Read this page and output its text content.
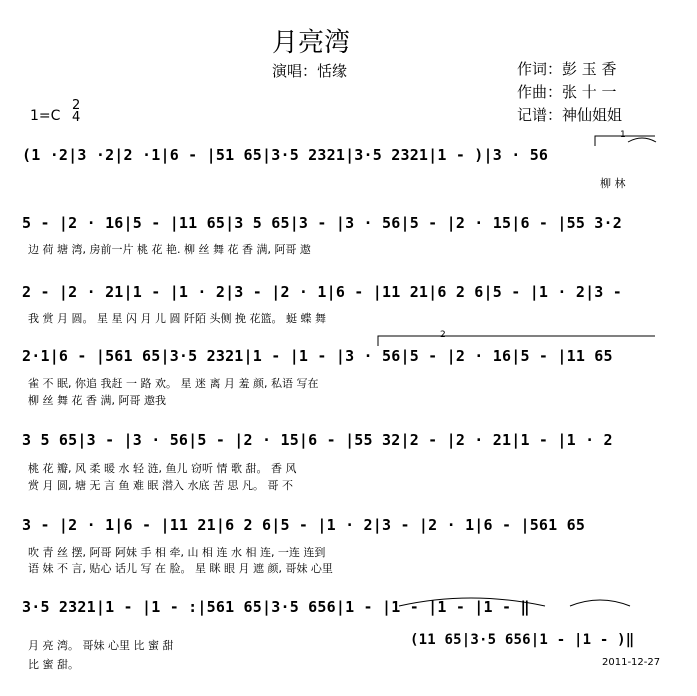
月亮湾
演唱：恬缘	作词：彭 玉 香
作曲：张 十 一
记谱：神仙姐姐
1=C
2
4
1
2
(1 ·2|3 ·2|2 ·1|6 - |51 65|3·5 2321|3·5 2321|1 - )|3 · 56
柳 林
5 - |2 · 16|5 - |11 65|3 5 65|3 - |3 · 56|5 - |2 · 15|6 - |55 3·2
边 荷 塘 湾, 房前一片 桃 花 艳. 柳 丝 舞 花 香 满, 阿哥 遨
2 - |2 · 21|1 - |1 · 2|3 - |2 · 1|6 - |11 21|6 2 6|5 - |1 · 2|3 -
我 赏 月 圆。 星 星 闪 月 儿 圆 阡陌 头侧 挽 花篮。 蜓 蝶 舞
2·1|6 - |561 65|3·5 2321|1 - |1 - |3 · 56|5 - |2 · 16|5 - |11 65
雀 不 眠, 你追 我赶 一 路 欢。 星 迷 离 月 羞 颜, 私语 写在
柳 丝 舞 花 香 满, 阿哥 遨我
3 5 65|3 - |3 · 56|5 - |2 · 15|6 - |55 32|2 - |2 · 21|1 - |1 · 2
桃 花 瓣, 风 柔 暖 水 轻 涟, 鱼儿 窃听 情 歌 甜。 香 风
赏 月 圆, 塘 无 言 鱼 难 眠 潜入 水底 苦 思 凡。 哥 不
3 - |2 · 1|6 - |11 21|6 2 6|5 - |1 · 2|3 - |2 · 1|6 - |561 65
吹 青 丝 摆, 阿哥 阿妹 手 相 牵, 山 相 连 水 相 连, 一连 连到
语 妹 不 言, 贴心 话儿 写 在 脸。 星 眯 眼 月 遮 颜, 哥妹 心里
3·5 2321|1 - |1 - :|561 65|3·5 656|1 - |1 - |1 - |1 - ‖
月 亮 湾。 哥妹 心里 比 蜜 甜
比 蜜 甜。
(11 65|3·5 656|1 - |1 - )‖
2011-12-27
